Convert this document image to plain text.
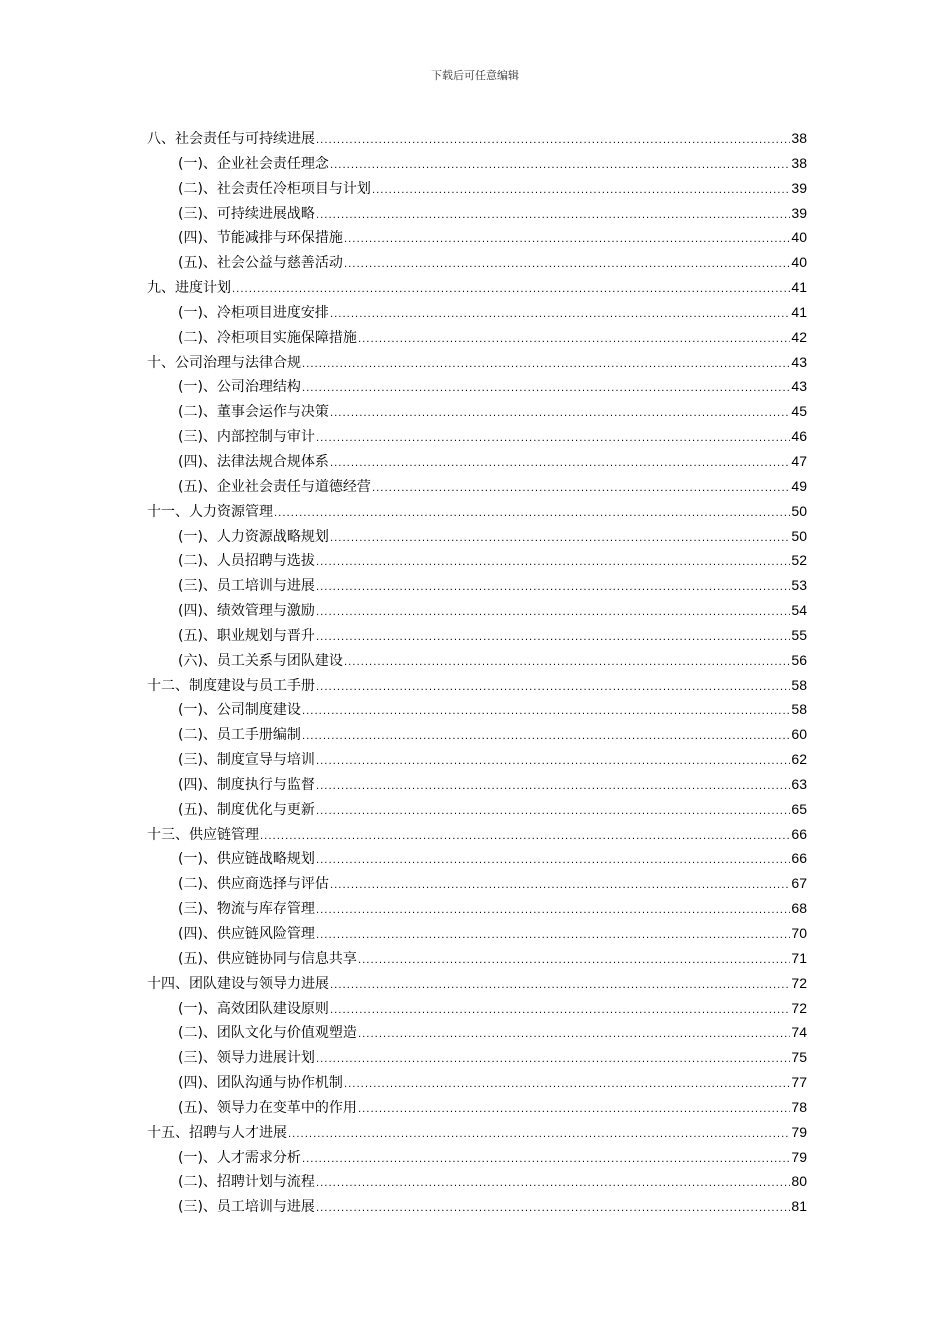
下载后可任意编辑
八、社会责任与可持续进展 .....	38
(一)、企业社会责任理念 .....	38
(二)、社会责任冷柜项目与计划 .....	39
(三)、可持续进展战略 .....	39
(四)、节能减排与环保措施 .....	40
(五)、社会公益与慈善活动 .....	40
九、进度计划 .....	41
(一)、冷柜项目进度安排 .....	41
(二)、冷柜项目实施保障措施 .....	42
十、公司治理与法律合规 .....	43
(一)、公司治理结构 .....	43
(二)、董事会运作与决策 .....	45
(三)、内部控制与审计 .....	46
(四)、法律法规合规体系 .....	47
(五)、企业社会责任与道德经营 .....	49
十一、人力资源管理 .....	50
(一)、人力资源战略规划 .....	50
(二)、人员招聘与选拔 .....	52
(三)、员工培训与进展 .....	53
(四)、绩效管理与激励 .....	54
(五)、职业规划与晋升 .....	55
(六)、员工关系与团队建设 .....	56
十二、制度建设与员工手册 .....	58
(一)、公司制度建设 .....	58
(二)、员工手册编制 .....	60
(三)、制度宣导与培训 .....	62
(四)、制度执行与监督 .....	63
(五)、制度优化与更新 .....	65
十三、供应链管理 .....	66
(一)、供应链战略规划 .....	66
(二)、供应商选择与评估 .....	67
(三)、物流与库存管理 .....	68
(四)、供应链风险管理 .....	70
(五)、供应链协同与信息共享 .....	71
十四、团队建设与领导力进展 .....	72
(一)、高效团队建设原则 .....	72
(二)、团队文化与价值观塑造 .....	74
(三)、领导力进展计划 .....	75
(四)、团队沟通与协作机制 .....	77
(五)、领导力在变革中的作用 .....	78
十五、招聘与人才进展 .....	79
(一)、人才需求分析 .....	79
(二)、招聘计划与流程 .....	80
(三)、员工培训与进展 .....	81
